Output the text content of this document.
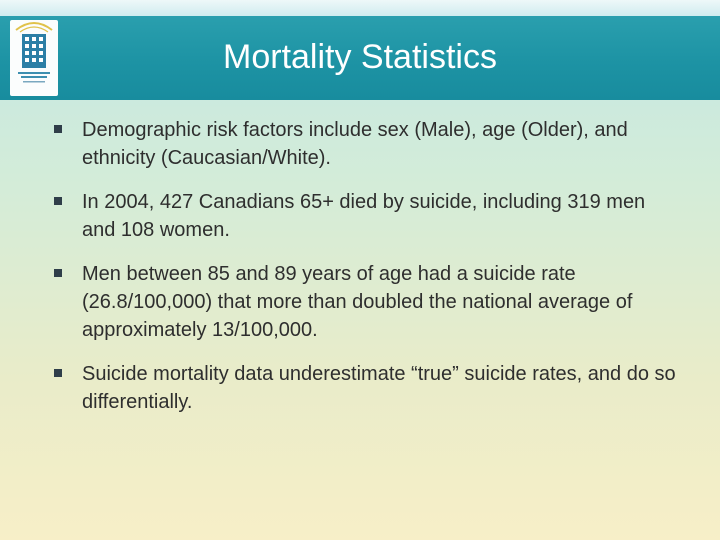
Mortality Statistics
Demographic risk factors include sex (Male), age (Older), and ethnicity (Caucasian/White).
In 2004, 427 Canadians 65+ died by suicide, including 319 men and 108 women.
Men between 85 and 89 years of age had a suicide rate (26.8/100,000) that more than doubled the national average of approximately 13/100,000.
Suicide mortality data underestimate “true” suicide rates, and do so differentially.
